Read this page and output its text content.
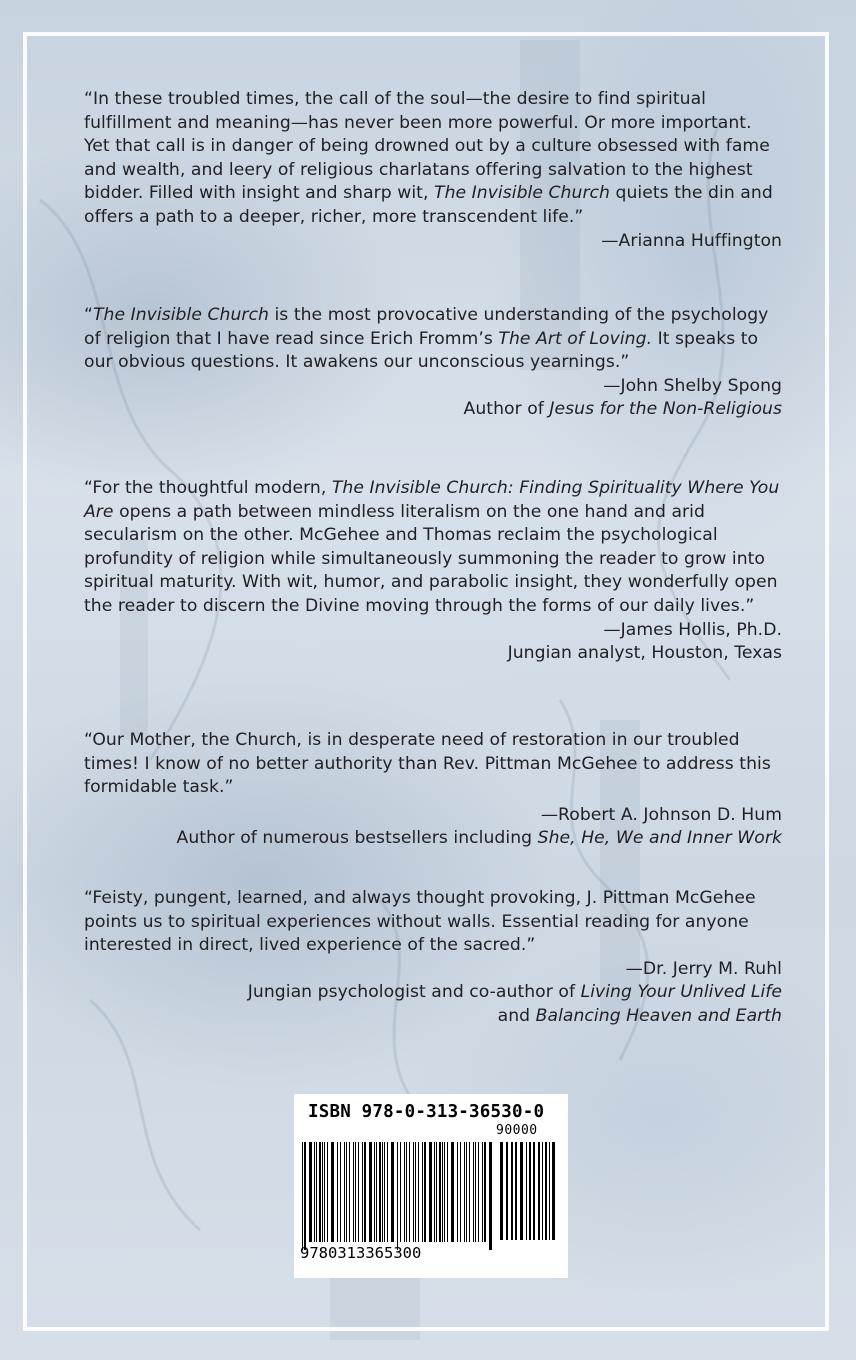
“In these troubled times, the call of the soul—the desire to find spiritual fulfillment and meaning—has never been more powerful. Or more important. Yet that call is in danger of being drowned out by a culture obsessed with fame and wealth, and leery of religious charlatans offering salvation to the highest bidder. Filled with insight and sharp wit, The Invisible Church quiets the din and offers a path to a deeper, richer, more transcendent life.”

—Arianna Huffington

“The Invisible Church is the most provocative understanding of the psychology of religion that I have read since Erich Fromm’s The Art of Loving. It speaks to our obvious questions. It awakens our unconscious yearnings.”

—John Shelby Spong

Author of Jesus for the Non-Religious

“For the thoughtful modern, The Invisible Church: Finding Spirituality Where You Are opens a path between mindless literalism on the one hand and arid secularism on the other. McGehee and Thomas reclaim the psychological profundity of religion while simultaneously summoning the reader to grow into spiritual maturity. With wit, humor, and parabolic insight, they wonderfully open the reader to discern the Divine moving through the forms of our daily lives.”

—James Hollis, Ph.D.

Jungian analyst, Houston, Texas

“Our Mother, the Church, is in desperate need of restoration in our troubled times! I know of no better authority than Rev. Pittman McGehee to address this formidable task.”

—Robert A. Johnson D. Hum

Author of numerous bestsellers including She, He, We and Inner Work

“Feisty, pungent, learned, and always thought provoking, J. Pittman McGehee points us to spiritual experiences without walls. Essential reading for anyone interested in direct, lived experience of the sacred.”

—Dr. Jerry M. Ruhl

Jungian psychologist and co-author of Living Your Unlived Life

and Balancing Heaven and Earth

ISBN 978-0-313-36530-0
90000
9780313365300
